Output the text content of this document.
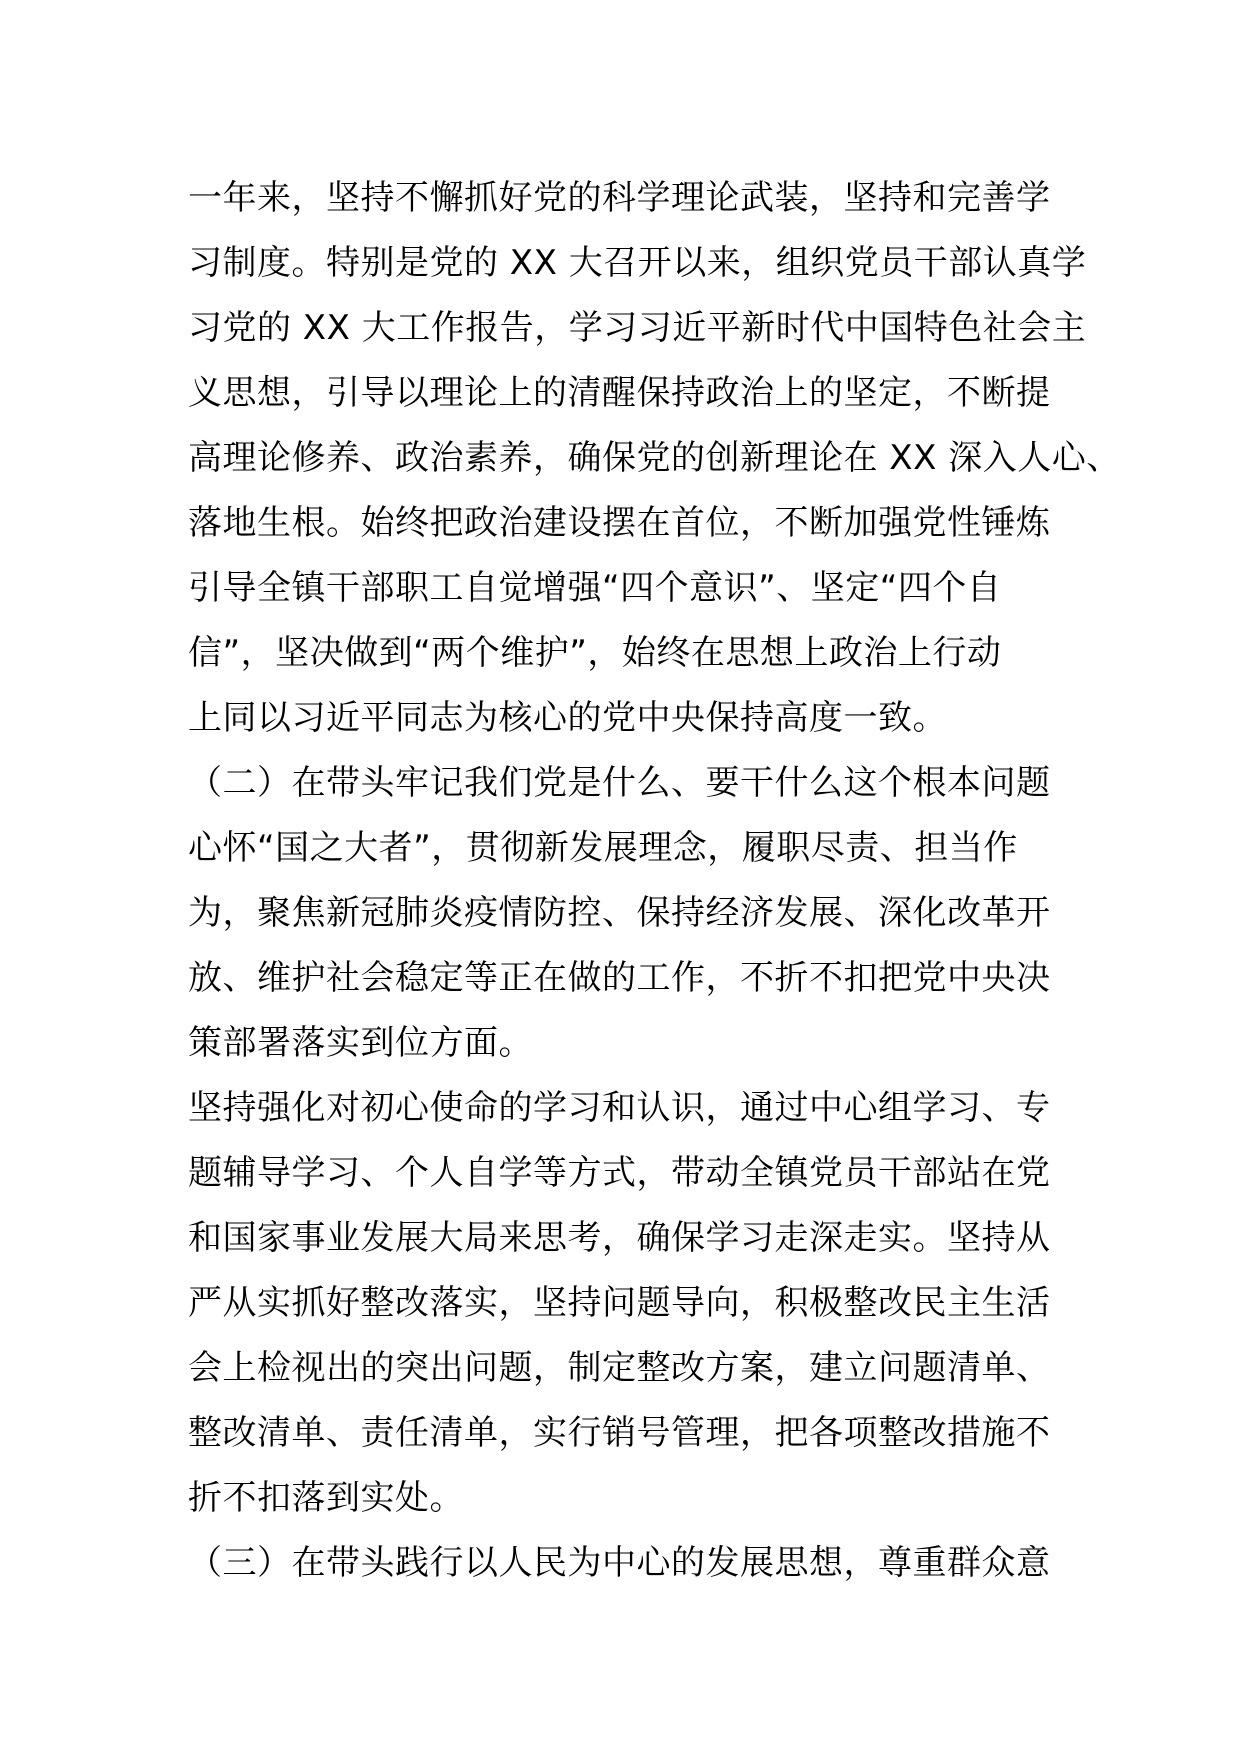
一年来，坚持不懈抓好党的科学理论武装，坚持和完善学
习制度。特别是党的 XX 大召开以来，组织党员干部认真学
习党的 XX 大工作报告，学习习近平新时代中国特色社会主
义思想，引导以理论上的清醒保持政治上的坚定，不断提
高理论修养、政治素养，确保党的创新理论在 XX 深入人心、
落地生根。始终把政治建设摆在首位，不断加强党性锤炼
引导全镇干部职工自觉增强“四个意识”、坚定“四个自
信”，坚决做到“两个维护”，始终在思想上政治上行动
上同以习近平同志为核心的党中央保持高度一致。
（二）在带头牢记我们党是什么、要干什么这个根本问题
心怀“国之大者”，贯彻新发展理念，履职尽责、担当作
为，聚焦新冠肺炎疫情防控、保持经济发展、深化改革开
放、维护社会稳定等正在做的工作，不折不扣把党中央决
策部署落实到位方面。
坚持强化对初心使命的学习和认识，通过中心组学习、专
题辅导学习、个人自学等方式，带动全镇党员干部站在党
和国家事业发展大局来思考，确保学习走深走实。坚持从
严从实抓好整改落实，坚持问题导向，积极整改民主生活
会上检视出的突出问题，制定整改方案，建立问题清单、
整改清单、责任清单，实行销号管理，把各项整改措施不
折不扣落到实处。
（三）在带头践行以人民为中心的发展思想，尊重群众意
